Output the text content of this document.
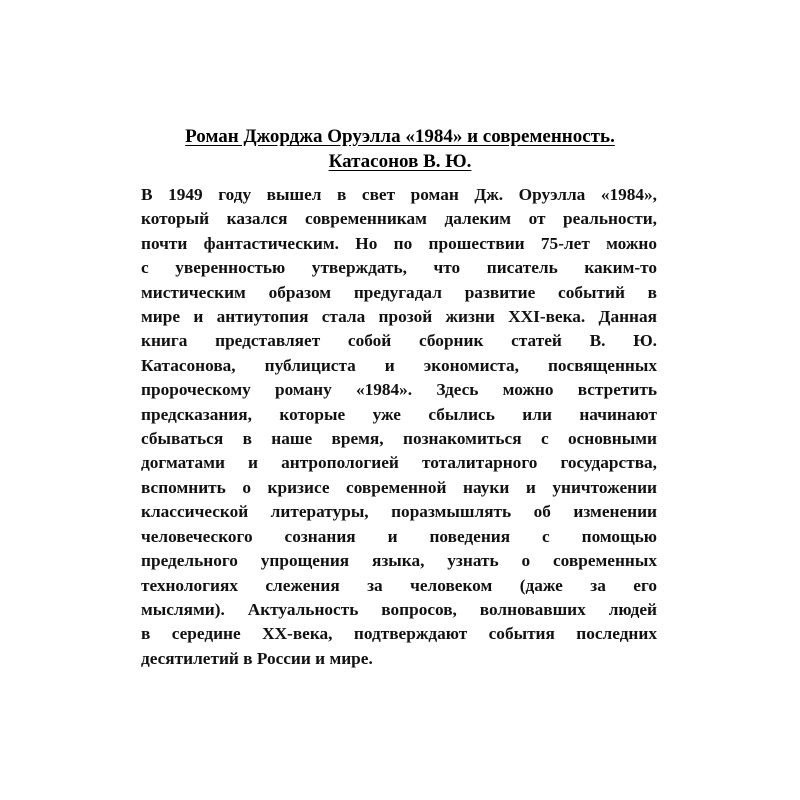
Роман Джорджа Оруэлла «1984» и современность.
Катасонов В. Ю.
В 1949 году вышел в свет роман Дж. Оруэлла «1984»,
который казался современникам далеким от реальности,
почти фантастическим. Но по прошествии 75-лет можно
с уверенностью утверждать, что писатель каким-то
мистическим образом предугадал развитие событий в
мире и антиутопия стала прозой жизни XXI-века. Данная
книга представляет собой сборник статей В. Ю.
Катасонова, публициста и экономиста, посвященных
пророческому роману «1984». Здесь можно встретить
предсказания, которые уже сбылись или начинают
сбываться в наше время, познакомиться с основными
догматами и антропологией тоталитарного государства,
вспомнить о кризисе современной науки и уничтожении
классической литературы, поразмышлять об изменении
человеческого сознания и поведения с помощью
предельного упрощения языка, узнать о современных
технологиях слежения за человеком (даже за его
мыслями). Актуальность вопросов, волновавших людей
в середине XX-века, подтверждают события последних
десятилетий в России и мире.
